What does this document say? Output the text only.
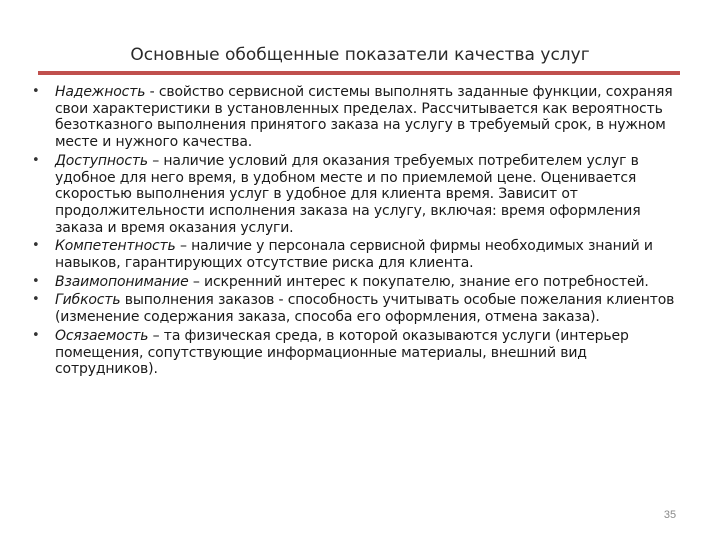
Основные обобщенные показатели качества услуг
• Надежность - свойство сервисной системы выполнять заданные функции, сохраняя свои характеристики в установленных пределах. Рассчитывается как вероятность безотказного выполнения принятого заказа на услугу в требуемый срок, в нужном месте и нужного качества.
• Доступность – наличие условий для оказания требуемых потребителем услуг в удобное для него время, в удобном месте и по приемлемой цене. Оценивается скоростью выполнения услуг в удобное для клиента время. Зависит от продолжительности исполнения заказа на услугу, включая: время оформления заказа и время оказания услуги.
• Компетентность – наличие у персонала сервисной фирмы необходимых знаний и навыков, гарантирующих отсутствие риска для клиента.
• Взаимопонимание – искренний интерес к покупателю, знание его потребностей.
• Гибкость выполнения заказов - способность учитывать особые пожелания клиентов (изменение содержания заказа, способа его оформления, отмена заказа).
• Осязаемость – та физическая среда, в которой оказываются услуги (интерьер помещения, сопутствующие информационные материалы, внешний вид сотрудников).
35
